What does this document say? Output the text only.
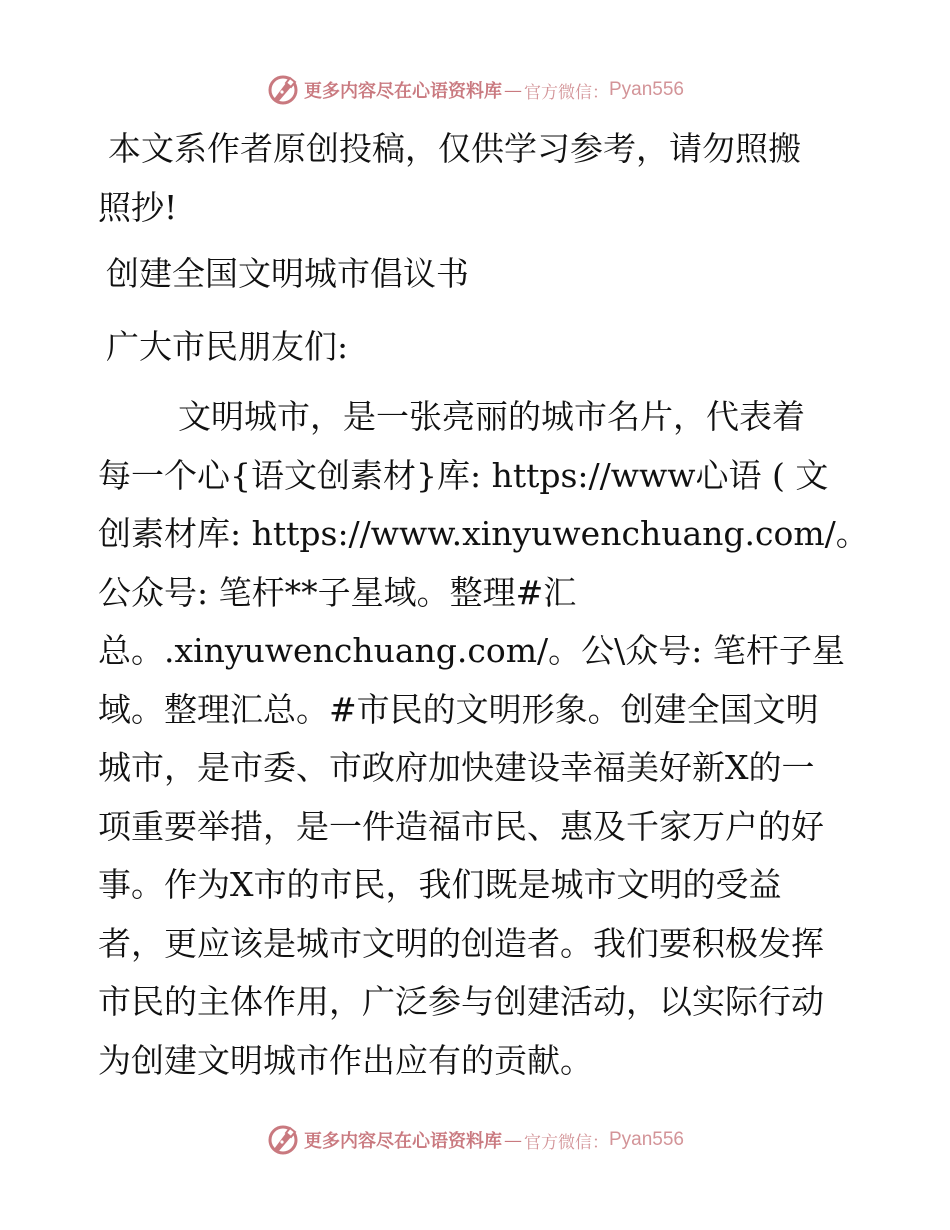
更多内容尽在心语资料库 — 官方微信： Pyan556

本文系作者原创投稿，仅供学习参考，请勿照搬
照抄!

创建全国文明城市倡议书

广大市民朋友们:

文明城市，是一张亮丽的城市名片，代表着
每一个心{语文创素材}库: https://www心语 ( 文
创素材库: https://www.xinyuwenchuang.com/。
公众号: 笔杆**子星域。整理#汇
总。.xinyuwenchuang.com/。公\众号: 笔杆子星
域。整理汇总。#市民的文明形象。创建全国文明
城市，是市委、市政府加快建设幸福美好新X的一
项重要举措，是一件造福市民、惠及千家万户的好
事。作为X市的市民，我们既是城市文明的受益
者，更应该是城市文明的创造者。我们要积极发挥
市民的主体作用，广泛参与创建活动，以实际行动
为创建文明城市作出应有的贡献。
更多内容尽在心语资料库 — 官方微信： Pyan556
